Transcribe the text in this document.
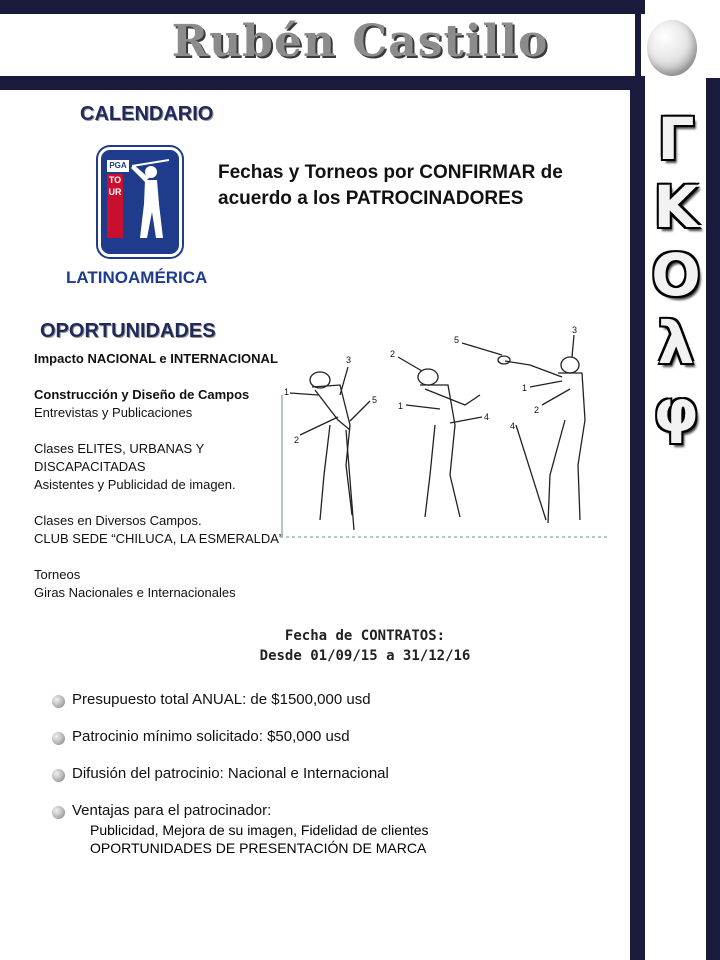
Rubén Castillo
Γ
Κ
Ο
λ
φ
CALENDARIO
PGA
TOUR
LATINOAMÉRICA
Fechas y Torneos por CONFIRMAR de acuerdo a los PATROCINADORES
OPORTUNIDADES
Impacto NACIONAL e INTERNACIONAL
Construcción y Diseño de Campos
Entrevistas y Publicaciones
Clases ELITES, URBANAS Y DISCAPACITADAS
Asistentes y Publicidad de imagen.
Clases en Diversos Campos.
CLUB SEDE “CHILUCA, LA ESMERALDA”
Torneos
Giras Nacionales e Internacionales
1
2
3
5
2
1
4
5
1
2
4
3
Fecha de CONTRATOS:
Desde 01/09/15 a 31/12/16
Presupuesto total ANUAL: de $1500,000 usd
Patrocinio mínimo solicitado: $50,000 usd
Difusión del patrocinio: Nacional e Internacional
Ventajas para el patrocinador:
Publicidad, Mejora de su imagen, Fidelidad de clientes
OPORTUNIDADES DE PRESENTACIÓN DE MARCA
